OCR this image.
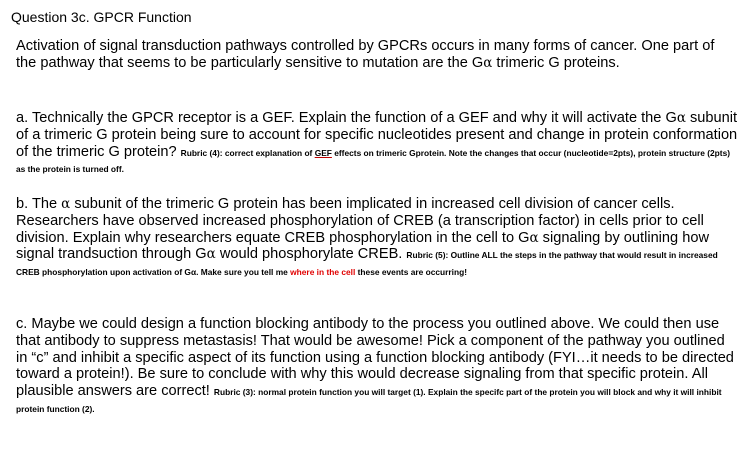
Question 3c. GPCR Function
Activation of signal transduction pathways controlled by GPCRs occurs in many forms of cancer. One part of the pathway that seems to be particularly sensitive to mutation are the Gα trimeric G proteins.
a. Technically the GPCR receptor is a GEF. Explain the function of a GEF and why it will activate the Gα subunit of a trimeric G protein being sure to account for specific nucleotides present and change in protein conformation of the trimeric G protein? Rubric (4): correct explanation of GEF effects on trimeric Gprotein. Note the changes that occur (nucleotide=2pts), protein structure (2pts) as the protein is turned off.
b. The α subunit of the trimeric G protein has been implicated in increased cell division of cancer cells. Researchers have observed increased phosphorylation of CREB (a transcription factor) in cells prior to cell division. Explain why researchers equate CREB phosphorylation in the cell to Gα signaling by outlining how signal trandsuction through Gα would phosphorylate CREB. Rubric (5): Outline ALL the steps in the pathway that would result in increased CREB phosphorylation upon activation of Gα. Make sure you tell me where in the cell these events are occurring!
c. Maybe we could design a function blocking antibody to the process you outlined above. We could then use that antibody to suppress metastasis! That would be awesome! Pick a component of the pathway you outlined in “c” and inhibit a specific aspect of its function using a function blocking antibody (FYI…it needs to be directed toward a protein!). Be sure to conclude with why this would decrease signaling from that specific protein. All plausible answers are correct! Rubric (3): normal protein function you will target (1). Explain the specifc part of the protein you will block and why it will inhibit protein function (2).
